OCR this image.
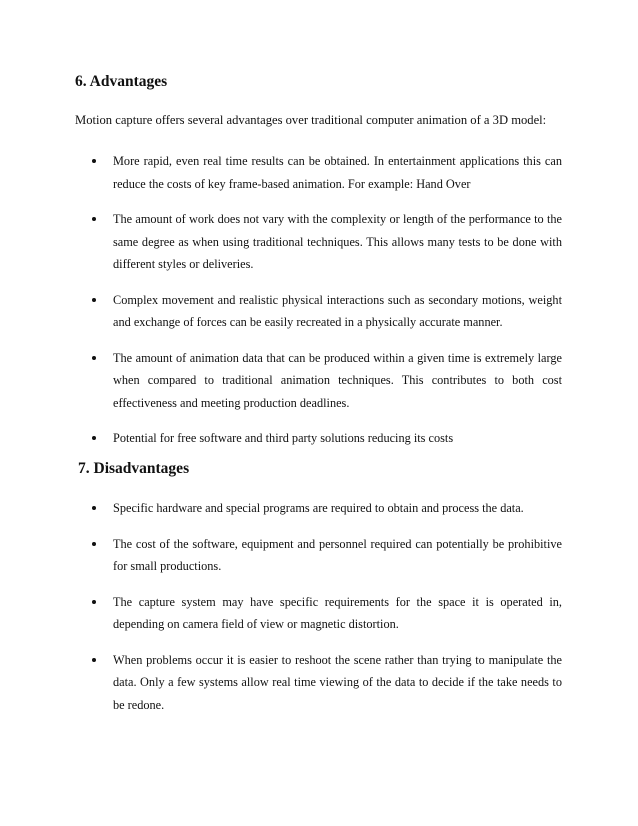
6. Advantages

Motion capture offers several advantages over traditional computer animation of a 3D model:

More rapid, even real time results can be obtained. In entertainment applications this can reduce the costs of key frame-based animation. For example: Hand Over
The amount of work does not vary with the complexity or length of the performance to the same degree as when using traditional techniques. This allows many tests to be done with different styles or deliveries.
Complex movement and realistic physical interactions such as secondary motions, weight and exchange of forces can be easily recreated in a physically accurate manner.
The amount of animation data that can be produced within a given time is extremely large when compared to traditional animation techniques. This contributes to both cost effectiveness and meeting production deadlines.
Potential for free software and third party solutions reducing its costs
7. Disadvantages
Specific hardware and special programs are required to obtain and process the data.
The cost of the software, equipment and personnel required can potentially be prohibitive for small productions.
The capture system may have specific requirements for the space it is operated in, depending on camera field of view or magnetic distortion.
When problems occur it is easier to reshoot the scene rather than trying to manipulate the data. Only a few systems allow real time viewing of the data to decide if the take needs to be redone.
